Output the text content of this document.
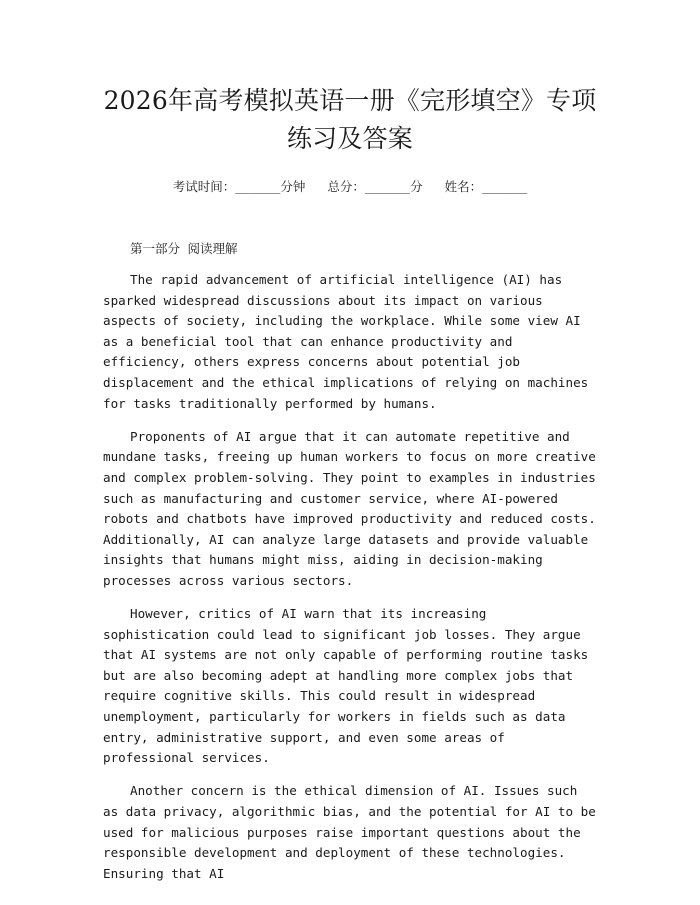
2026年高考模拟英语一册《完形填空》专项
练习及答案
考试时间：______分钟 总分：______分 姓名：______
第一部分 阅读理解

The rapid advancement of artificial intelligence (AI) has sparked widespread discussions about its impact on various aspects of society, including the workplace. While some view AI as a beneficial tool that can enhance productivity and efficiency, others express concerns about potential job displacement and the ethical implications of relying on machines for tasks traditionally performed by humans.

Proponents of AI argue that it can automate repetitive and mundane tasks, freeing up human workers to focus on more creative and complex problem-solving. They point to examples in industries such as manufacturing and customer service, where AI-powered robots and chatbots have improved productivity and reduced costs. Additionally, AI can analyze large datasets and provide valuable insights that humans might miss, aiding in decision-making processes across various sectors.

However, critics of AI warn that its increasing sophistication could lead to significant job losses. They argue that AI systems are not only capable of performing routine tasks but are also becoming adept at handling more complex jobs that require cognitive skills. This could result in widespread unemployment, particularly for workers in fields such as data entry, administrative support, and even some areas of professional services.

Another concern is the ethical dimension of AI. Issues such as data privacy, algorithmic bias, and the potential for AI to be used for malicious purposes raise important questions about the responsible development and deployment of these technologies. Ensuring that AI
